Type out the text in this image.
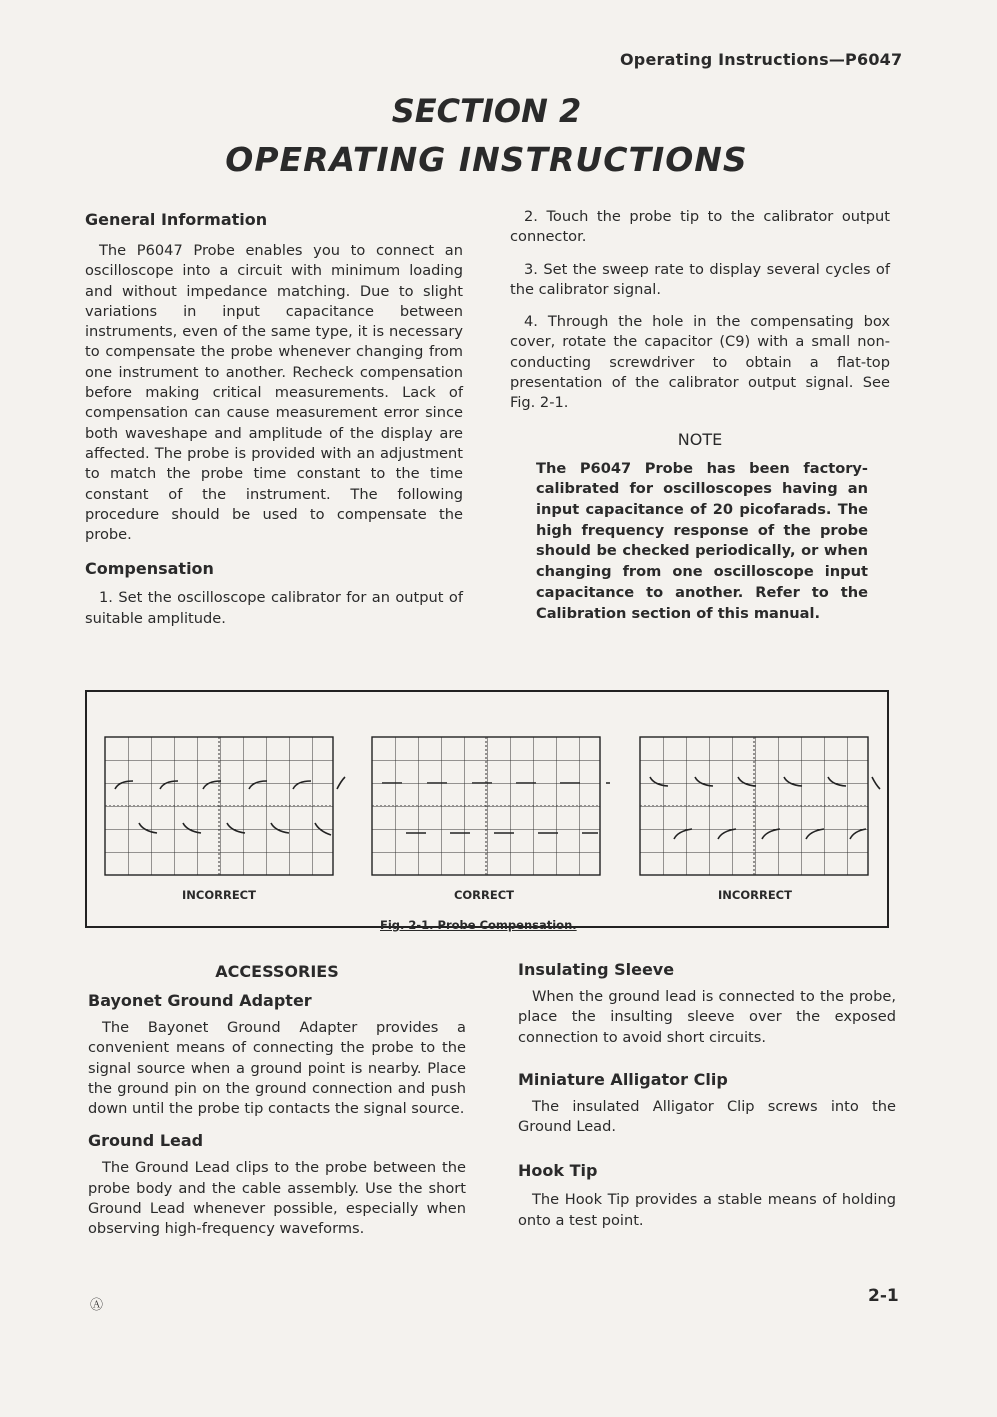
Operating Instructions—P6047
SECTION 2
OPERATING INSTRUCTIONS
General Information

The P6047 Probe enables you to connect an oscilloscope into a circuit with minimum loading and without impedance matching. Due to slight variations in input capacitance between instruments, even of the same type, it is necessary to compensate the probe whenever changing from one instrument to another. Recheck compensation before making critical measurements. Lack of compensation can cause measurement error since both waveshape and amplitude of the display are affected. The probe is provided with an adjustment to match the probe time constant to the time constant of the instrument. The following procedure should be used to compensate the probe.

Compensation

1. Set the oscilloscope calibrator for an output of suitable amplitude.

2. Touch the probe tip to the calibrator output connector.

3. Set the sweep rate to display several cycles of the calibrator signal.

4. Through the hole in the compensating box cover, rotate the capacitor (C9) with a small non-conducting screwdriver to obtain a flat-top presentation of the calibrator output signal. See Fig. 2-1.

NOTE
The P6047 Probe has been factory-calibrated for oscilloscopes having an input capacitance of 20 picofarads. The high frequency response of the probe should be checked periodically, or when changing from one oscilloscope input capacitance to another. Refer to the Calibration section of this manual.
INCORRECT	CORRECT	INCORRECT
Fig. 2-1. Probe Compensation.
ACCESSORIES
Bayonet Ground Adapter

The Bayonet Ground Adapter provides a convenient means of connecting the probe to the signal source when a ground point is nearby. Place the ground pin on the ground connection and push down until the probe tip contacts the signal source.

Ground Lead

The Ground Lead clips to the probe between the probe body and the cable assembly. Use the short Ground Lead whenever possible, especially when observing high-frequency waveforms.

Insulating Sleeve

When the ground lead is connected to the probe, place the insulting sleeve over the exposed connection to avoid short circuits.

Miniature Alligator Clip

The insulated Alligator Clip screws into the Ground Lead.

Hook Tip

The Hook Tip provides a stable means of holding onto a test point.

Ⓐ	2-1
